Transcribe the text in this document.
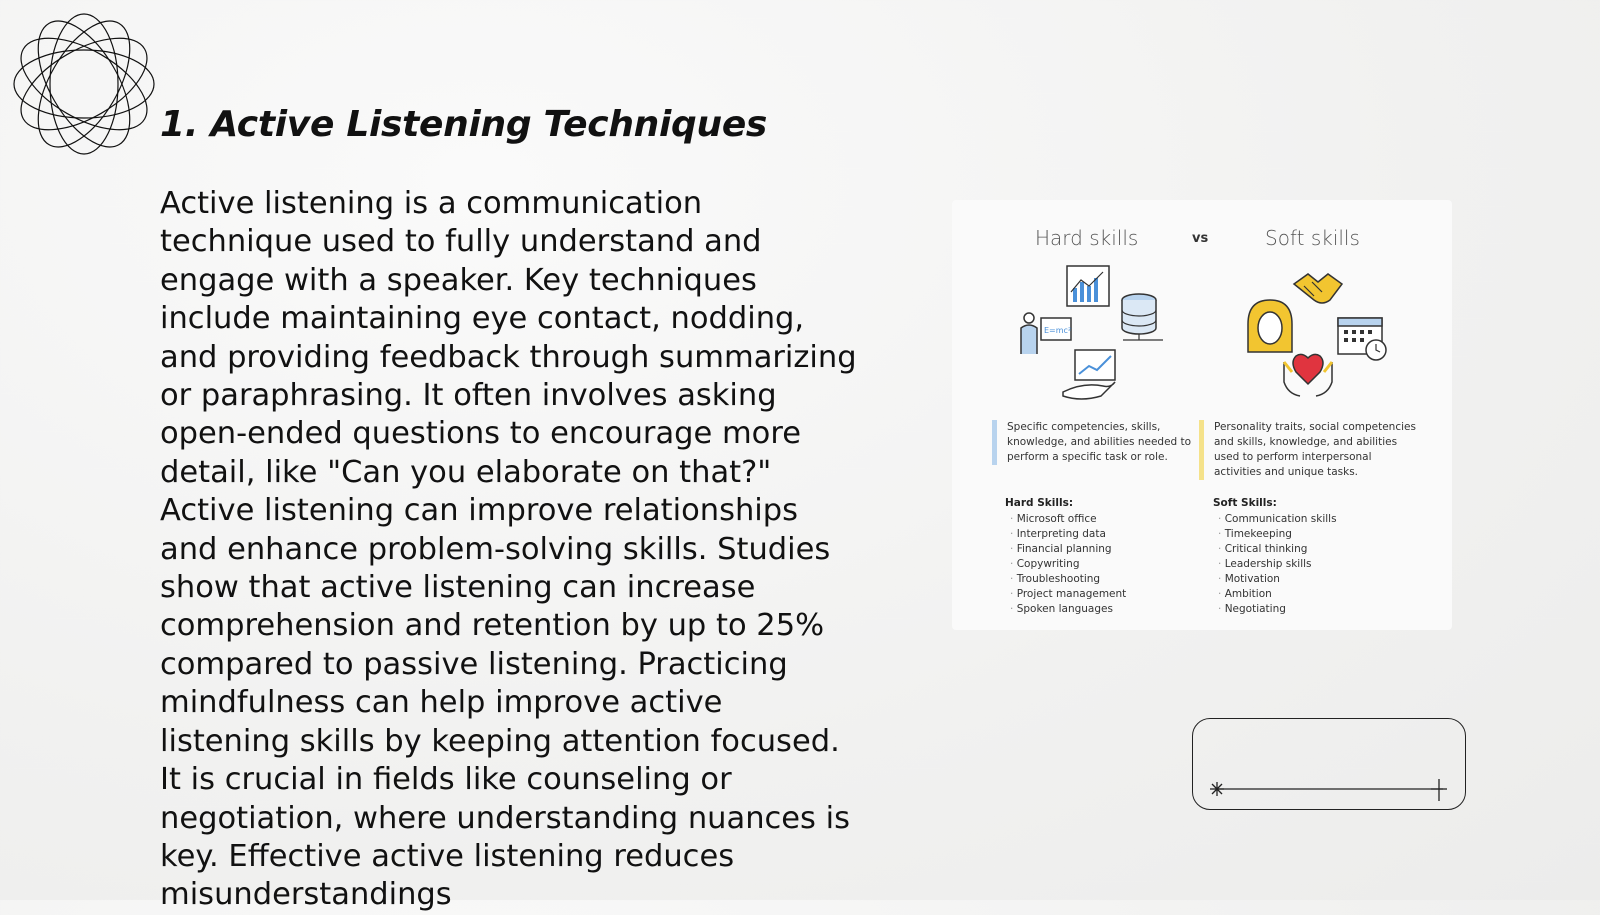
1. Active Listening Techniques

Active listening is a communication technique used to fully understand and engage with a speaker. Key techniques include maintaining eye contact, nodding, and providing feedback through summarizing or paraphrasing. It often involves asking open-ended questions to encourage more detail, like "Can you elaborate on that?" Active listening can improve relationships and enhance problem-solving skills. Studies show that active listening can increase comprehension and retention by up to 25% compared to passive listening. Practicing mindfulness can help improve active listening skills by keeping attention focused. It is crucial in fields like counseling or negotiation, where understanding nuances is key. Effective active listening reduces misunderstandings

Hard skills	vs	Soft skills
E=mc²
Specific competencies, skills, knowledge, and abilities needed to perform a specific task or role.
Personality traits, social competencies and skills, knowledge, and abilities used to perform interpersonal activities and unique tasks.
Hard Skills:
· Microsoft office
· Interpreting data
· Financial planning
· Copywriting
· Troubleshooting
· Project management
· Spoken languages
Soft Skills:
· Communication skills
· Timekeeping
· Critical thinking
· Leadership skills
· Motivation
· Ambition
· Negotiating
